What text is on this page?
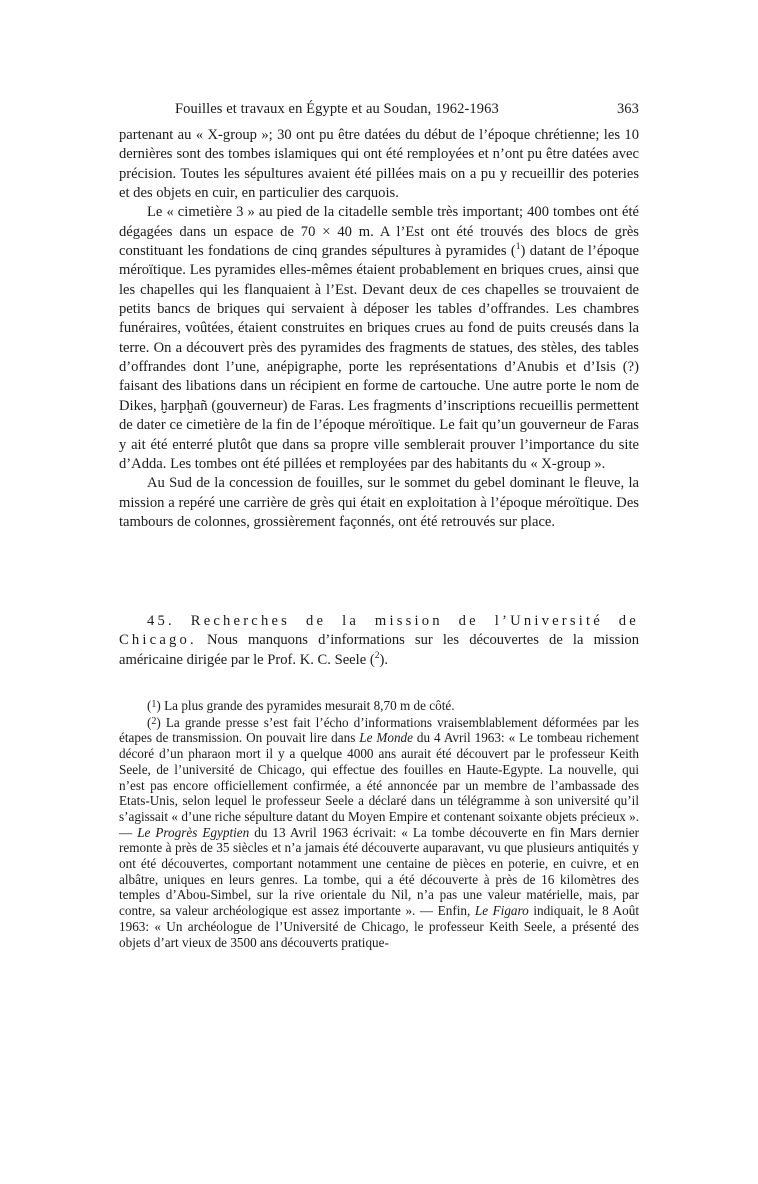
Fouilles et travaux en Égypte et au Soudan, 1962-1963	363

partenant au « X-group »; 30 ont pu être datées du début de l’époque chrétienne; les 10 dernières sont des tombes islamiques qui ont été remployées et n’ont pu être datées avec précision. Toutes les sépultures avaient été pillées mais on a pu y recueillir des poteries et des objets en cuir, en particulier des carquois.

Le « cimetière 3 » au pied de la citadelle semble très important; 400 tombes ont été dégagées dans un espace de 70 × 40 m. A l’Est ont été trouvés des blocs de grès constituant les fondations de cinq grandes sépultures à pyramides ($^1$) datant de l’époque méroïtique. Les pyramides elles-mêmes étaient probablement en briques crues, ainsi que les chapelles qui les flanquaient à l’Est. Devant deux de ces chapelles se trouvaient de petits bancs de briques qui servaient à déposer les tables d’offrandes. Les chambres funéraires, voûtées, étaient construites en briques crues au fond de puits creusés dans la terre. On a découvert près des pyramides des fragments de statues, des stèles, des tables d’offrandes dont l’une, anépigraphe, porte les représentations d’Anubis et d’Isis (?) faisant des libations dans un récipient en forme de cartouche. Une autre porte le nom de Dikes, ḫarpḫañ (gouverneur) de Faras. Les fragments d’inscriptions recueillis permettent de dater ce cimetière de la fin de l’époque méroïtique. Le fait qu’un gouverneur de Faras y ait été enterré plutôt que dans sa propre ville semblerait prouver l’importance du site d’Adda. Les tombes ont été pillées et remployées par des habitants du « X-group ».

Au Sud de la concession de fouilles, sur le sommet du gebel dominant le fleuve, la mission a repéré une carrière de grès qui était en exploitation à l’époque méroïtique. Des tambours de colonnes, grossièrement façonnés, ont été retrouvés sur place.

45. Recherches de la mission de l’Université de Chicago. Nous manquons d’informations sur les découvertes de la mission américaine dirigée par le Prof. K. C. Seele ($^2$).

($^1$) La plus grande des pyramides mesurait 8,70 m de côté.

($^2$) La grande presse s’est fait l’écho d’informations vraisemblablement déformées par les étapes de transmission. On pouvait lire dans Le Monde du 4 Avril 1963: « Le tombeau richement décoré d’un pharaon mort il y a quelque 4000 ans aurait été découvert par le professeur Keith Seele, de l’université de Chicago, qui effectue des fouilles en Haute-Egypte. La nouvelle, qui n’est pas encore officiellement confirmée, a été annoncée par un membre de l’ambassade des Etats-Unis, selon lequel le professeur Seele a déclaré dans un télégramme à son université qu’il s’agissait « d’une riche sépulture datant du Moyen Empire et contenant soixante objets précieux ». — Le Progrès Egyptien du 13 Avril 1963 écrivait: « La tombe découverte en fin Mars dernier remonte à près de 35 siècles et n’a jamais été découverte auparavant, vu que plusieurs antiquités y ont été découvertes, comportant notamment une centaine de pièces en poterie, en cuivre, et en albâtre, uniques en leurs genres. La tombe, qui a été découverte à près de 16 kilomètres des temples d’Abou-Simbel, sur la rive orientale du Nil, n’a pas une valeur matérielle, mais, par contre, sa valeur archéologique est assez importante ». — Enfin, Le Figaro indiquait, le 8 Août 1963: « Un archéologue de l’Université de Chicago, le professeur Keith Seele, a présenté des objets d’art vieux de 3500 ans découverts pratique-
